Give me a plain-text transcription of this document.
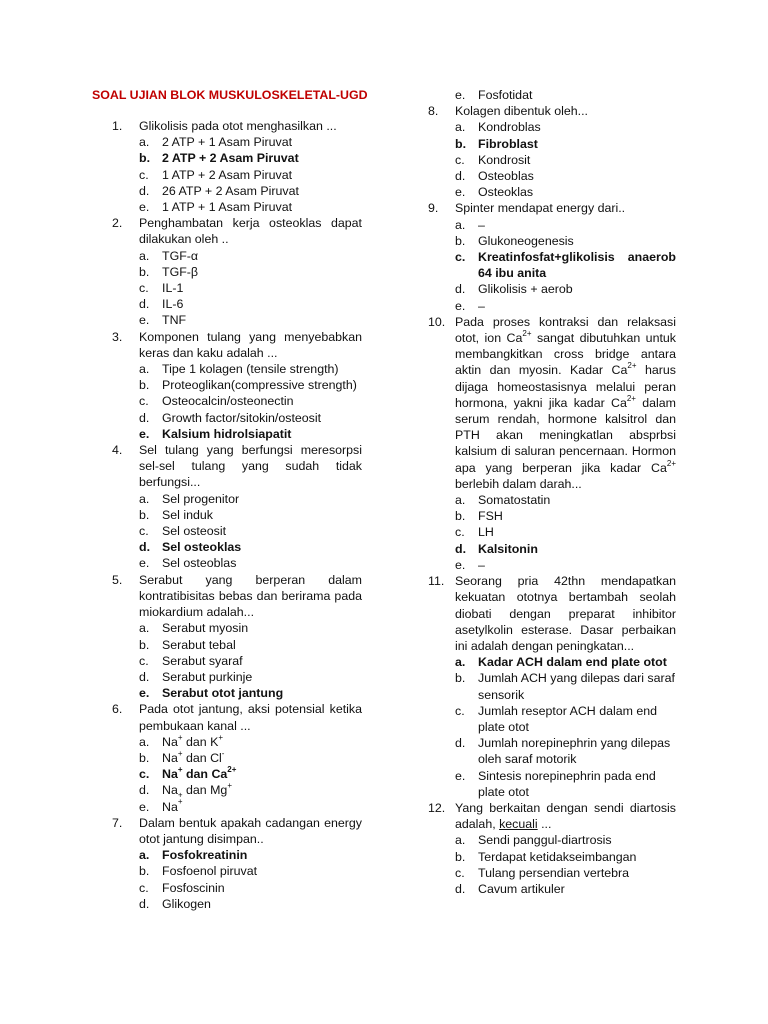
SOAL UJIAN BLOK MUSKULOSKELETAL-UGD
1. Glikolisis pada otot menghasilkan ...
a. 2 ATP + 1 Asam Piruvat
b. 2 ATP + 2 Asam Piruvat
c. 1 ATP + 2 Asam Piruvat
d. 26 ATP + 2 Asam Piruvat
e. 1 ATP + 1 Asam Piruvat
2. Penghambatan kerja osteoklas dapat dilakukan oleh ..
a. TGF-α
b. TGF-β
c. IL-1
d. IL-6
e. TNF
3. Komponen tulang yang menyebabkan keras dan kaku adalah ...
a. Tipe 1 kolagen (tensile strength)
b. Proteoglikan(compressive strength)
c. Osteocalcin/osteonectin
d. Growth factor/sitokin/osteosit
e. Kalsium hidrolsiapatit
4. Sel tulang yang berfungsi meresorpsi sel-sel tulang yang sudah tidak berfungsi...
a. Sel progenitor
b. Sel induk
c. Sel osteosit
d. Sel osteoklas
e. Sel osteoblas
5. Serabut yang berperan dalam kontratibisitas bebas dan berirama pada miokardium adalah...
a. Serabut myosin
b. Serabut tebal
c. Serabut syaraf
d. Serabut purkinje
e. Serabut otot jantung
6. Pada otot jantung, aksi potensial ketika pembukaan kanal ...
a. Na+ dan K+
b. Na+ dan Cl-
c. Na+ dan $Ca^{2+}$
d. $Na_+$ dan Mg+
e. Na+
7. Dalam bentuk apakah cadangan energy otot jantung disimpan..
a. Fosfokreatinin
b. Fosfoenol piruvat
c. Fosfoscinin
d. Glikogen
e. Fosfotidat
8. Kolagen dibentuk oleh...
a. Kondroblas
b. Fibroblast
c. Kondrosit
d. Osteoblas
e. Osteoklas
9. Spinter mendapat energy dari..
a. –
b. Glukoneogenesis
c. Kreatinfosfat+glikolisis anaerob
64 ibu anita
d. Glikolisis + aerob
e. –
10. Pada proses kontraksi dan relaksasi otot, ion $Ca^{2+}$ sangat dibutuhkan untuk membangkitkan cross bridge antara aktin dan myosin. Kadar $Ca^{2+}$ harus dijaga homeostasisnya melalui peran hormona, yakni jika kadar $Ca^{2+}$ dalam serum rendah, hormone kalsitrol dan PTH akan meningkatlan absprbsi kalsium di saluran pencernaan. Hormon apa yang berperan jika kadar $Ca^{2+}$ berlebih dalam darah...
a. Somatostatin
b. FSH
c. LH
d. Kalsitonin
e. –
11. Seorang pria 42thn mendapatkan kekuatan ototnya bertambah seolah diobati dengan preparat inhibitor asetylkolin esterase. Dasar perbaikan ini adalah dengan peningkatan...
a. Kadar ACH dalam end plate otot
b. Jumlah ACH yang dilepas dari saraf sensorik
c. Jumlah reseptor ACH dalam end plate otot
d. Jumlah norepinephrin yang dilepas oleh saraf motorik
e. Sintesis norepinephrin pada end plate otot
12. Yang berkaitan dengan sendi diartosis adalah, kecuali ...
a. Sendi panggul-diartrosis
b. Terdapat ketidakseimbangan
c. Tulang persendian vertebra
d. Cavum artikuler
